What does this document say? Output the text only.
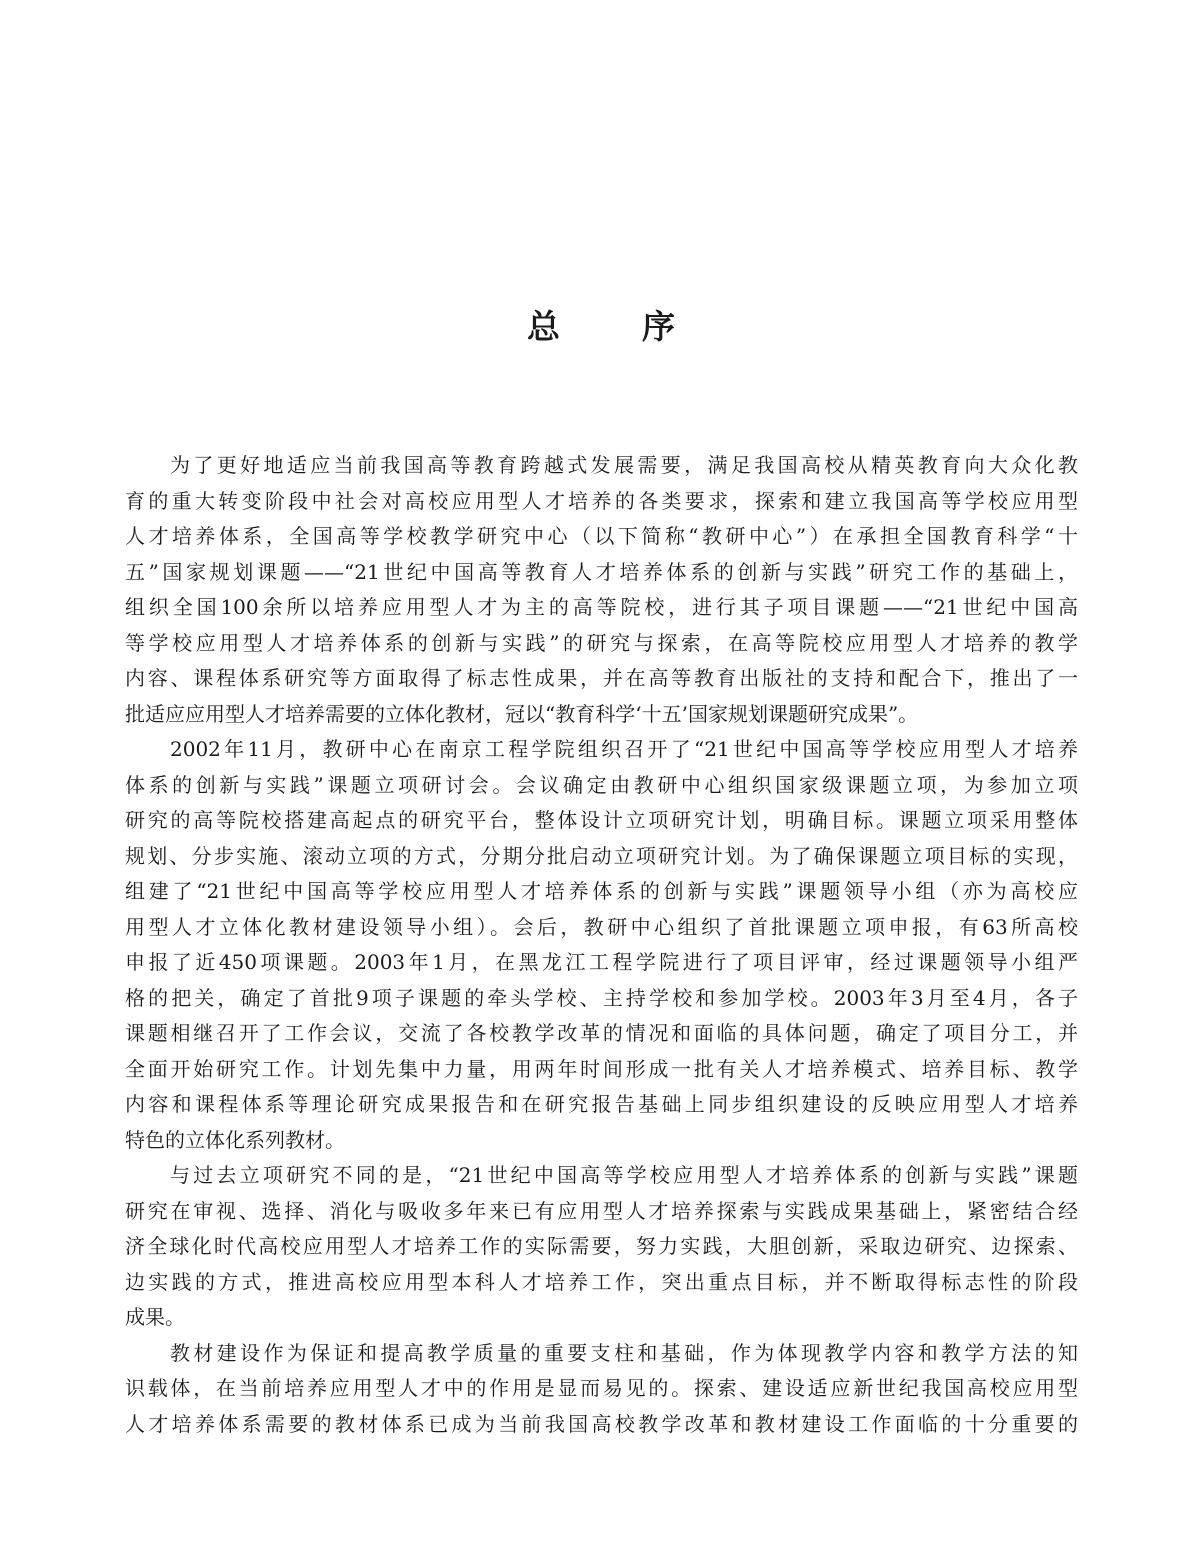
总 序
为了更好地适应当前我国高等教育跨越式发展需要，满足我国高校从精英教育向大众化教
育的重大转变阶段中社会对高校应用型人才培养的各类要求，探索和建立我国高等学校应用型
人才培养体系，全国高等学校教学研究中心（以下简称“教研中心”）在承担全国教育科学“十
五”国家规划课题——“21世纪中国高等教育人才培养体系的创新与实践”研究工作的基础上，
组织全国100余所以培养应用型人才为主的高等院校，进行其子项目课题——“21世纪中国高
等学校应用型人才培养体系的创新与实践”的研究与探索，在高等院校应用型人才培养的教学
内容、课程体系研究等方面取得了标志性成果，并在高等教育出版社的支持和配合下，推出了一
批适应应用型人才培养需要的立体化教材，冠以“教育科学‘十五’国家规划课题研究成果”。
2002年11月，教研中心在南京工程学院组织召开了“21世纪中国高等学校应用型人才培养
体系的创新与实践”课题立项研讨会。会议确定由教研中心组织国家级课题立项，为参加立项
研究的高等院校搭建高起点的研究平台，整体设计立项研究计划，明确目标。课题立项采用整体
规划、分步实施、滚动立项的方式，分期分批启动立项研究计划。为了确保课题立项目标的实现，
组建了“21世纪中国高等学校应用型人才培养体系的创新与实践”课题领导小组（亦为高校应
用型人才立体化教材建设领导小组）。会后，教研中心组织了首批课题立项申报，有63所高校
申报了近450项课题。2003年1月，在黑龙江工程学院进行了项目评审，经过课题领导小组严
格的把关，确定了首批9项子课题的牵头学校、主持学校和参加学校。2003年3月至4月，各子
课题相继召开了工作会议，交流了各校教学改革的情况和面临的具体问题，确定了项目分工，并
全面开始研究工作。计划先集中力量，用两年时间形成一批有关人才培养模式、培养目标、教学
内容和课程体系等理论研究成果报告和在研究报告基础上同步组织建设的反映应用型人才培养
特色的立体化系列教材。
与过去立项研究不同的是，“21世纪中国高等学校应用型人才培养体系的创新与实践”课题
研究在审视、选择、消化与吸收多年来已有应用型人才培养探索与实践成果基础上，紧密结合经
济全球化时代高校应用型人才培养工作的实际需要，努力实践，大胆创新，采取边研究、边探索、
边实践的方式，推进高校应用型本科人才培养工作，突出重点目标，并不断取得标志性的阶段
成果。
教材建设作为保证和提高教学质量的重要支柱和基础，作为体现教学内容和教学方法的知
识载体，在当前培养应用型人才中的作用是显而易见的。探索、建设适应新世纪我国高校应用型
人才培养体系需要的教材体系已成为当前我国高校教学改革和教材建设工作面临的十分重要的
